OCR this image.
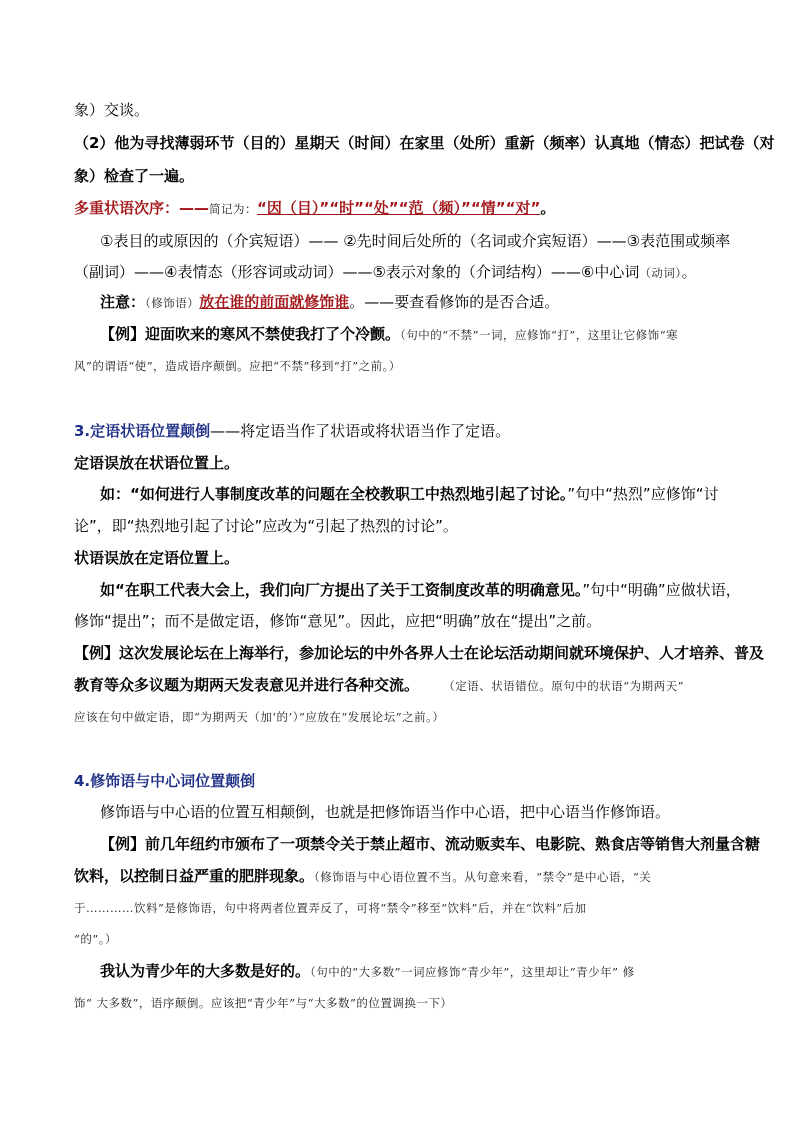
象）交谈。
（2）他为寻找薄弱环节（目的）星期天（时间）在家里（处所）重新（频率）认真地（情态）把试卷（对
象）检查了一遍。
多重状语次序：——简记为：“因（目）”“时”“处”“范（频）”“情”“对”。
①表目的或原因的（介宾短语）—— ②先时间后处所的（名词或介宾短语）——③表范围或频率
（副词）——④表情态（形容词或动词）——⑤表示对象的（介词结构）——⑥中心词（动词）。
注意：（修饰语）放在谁的前面就修饰谁。——要查看修饰的是否合适。
【例】迎面吹来的寒风不禁使我打了个冷颤。（句中的“不禁”一词，应修饰“打”，这里让它修饰“寒
风”的谓语“使”，造成语序颠倒。应把“不禁”移到“打”之前。）
3.定语状语位置颠倒——将定语当作了状语或将状语当作了定语。
定语误放在状语位置上。
如：“如何进行人事制度改革的问题在全校教职工中热烈地引起了讨论。”句中“热烈”应修饰“讨
论”，即“热烈地引起了讨论”应改为“引起了热烈的讨论”。
状语误放在定语位置上。
如“在职工代表大会上，我们向厂方提出了关于工资制度改革的明确意见。”句中“明确”应做状语，
修饰“提出”；而不是做定语，修饰“意见”。因此，应把“明确”放在“提出”之前。
【例】这次发展论坛在上海举行，参加论坛的中外各界人士在论坛活动期间就环境保护、人才培养、普及
教育等众多议题为期两天发表意见并进行各种交流。	（定语、状语错位。原句中的状语“为期两天”
应该在句中做定语，即“为期两天（加‘的’）”应放在“发展论坛”之前。）
4.修饰语与中心词位置颠倒
修饰语与中心语的位置互相颠倒，也就是把修饰语当作中心语，把中心语当作修饰语。
【例】前几年纽约市颁布了一项禁令关于禁止超市、流动贩卖车、电影院、熟食店等销售大剂量含糖
饮料，以控制日益严重的肥胖现象。（修饰语与中心语位置不当。从句意来看，“禁令”是中心语，“关
于…………饮料”是修饰语，句中将两者位置弄反了，可将“禁令”移至“饮料”后，并在“饮料”后加
“的”。）
我认为青少年的大多数是好的。（句中的“大多数”一词应修饰“青少年”，这里却让“青少年” 修
饰“ 大多数”，语序颠倒。应该把“青少年”与“大多数”的位置调换一下）
